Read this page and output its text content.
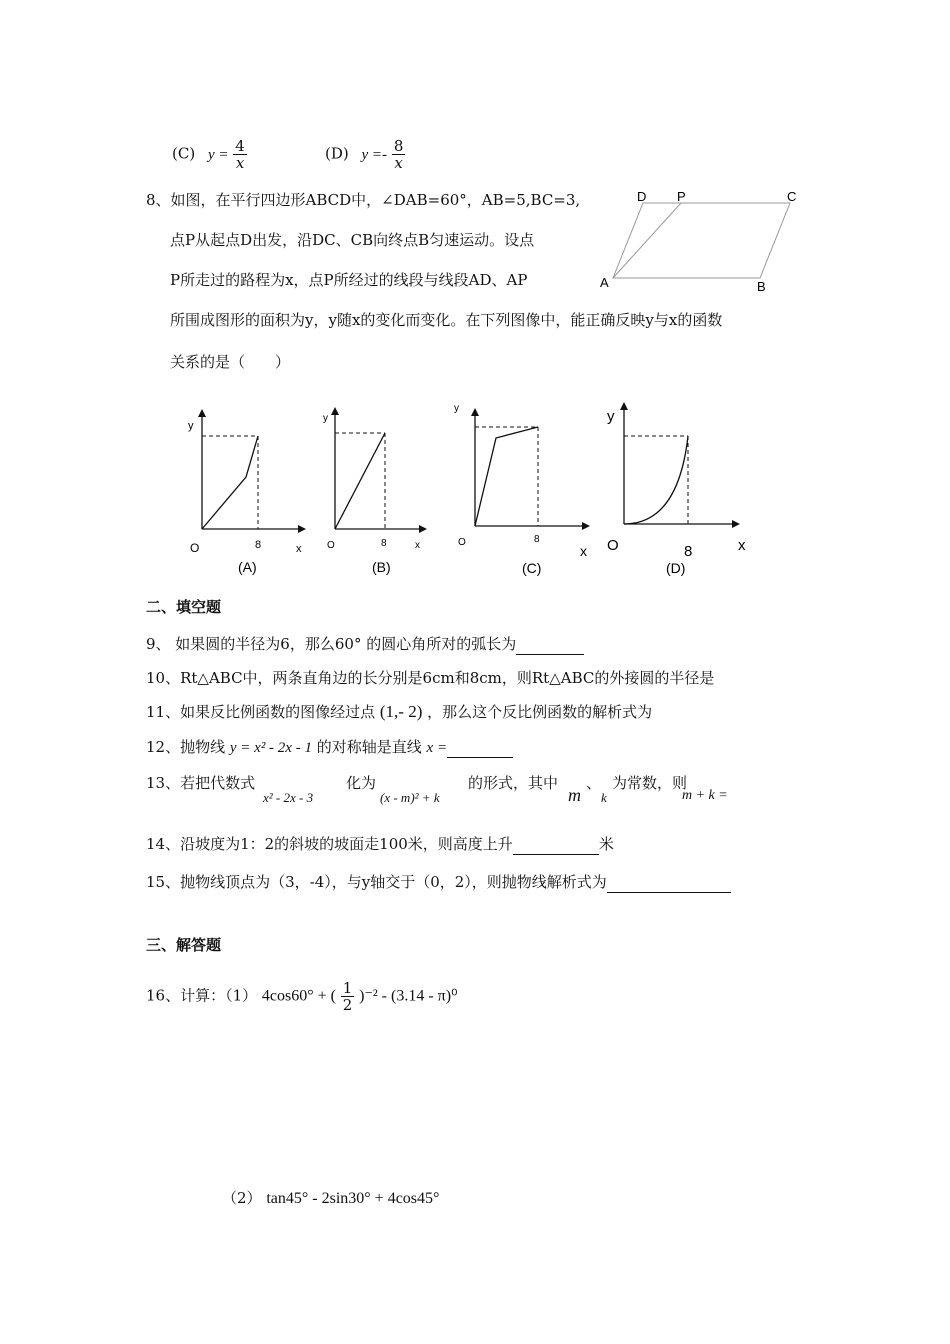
(C) $y = \frac{4}{x}$	(D) $y =- \frac{8}{x}$
8、如图，在平行四边形ABCD中，∠DAB=60°，AB=5,BC=3,
点P从起点D出发，沿DC、CB向终点B匀速运动。设点
P所走过的路程为x，点P所经过的线段与线段AD、AP
所围成图形的面积为y，y随x的变化而变化。在下列图像中，能正确反映y与x的函数
关系的是（　　）
D P	C
A	B
y
O	8	x
(A)
y
O	8	x
(B)
y
O	8
x
(C)
y
O	8	x
(D)
二、填空题
9、 如果圆的半径为6，那么60° 的圆心角所对的弧长为
10、Rt△ABC中，两条直角边的长分别是6cm和8cm，则Rt△ABC的外接圆的半径是
11、如果反比例函数的图像经过点 (1,- 2) ，那么这个反比例函数的解析式为
12、抛物线 y = x² - 2x - 1 的对称轴是直线 x =
13、若把代数式
x² - 2x - 3
化为
(x - m)² + k
的形式，其中
m
、
k
为常数，则
m + k =
14、沿坡度为1：2的斜坡的坡面走100米，则高度上升	米
15、抛物线顶点为（3，-4），与y轴交于（0，2），则抛物线解析式为
三、解答题
16、计算：（1） 4cos60° + ( $\frac{1}{2} )^{-2} - (3.14 - \pi)^0$
（2） tan45° - 2sin30° + 4cos45°
